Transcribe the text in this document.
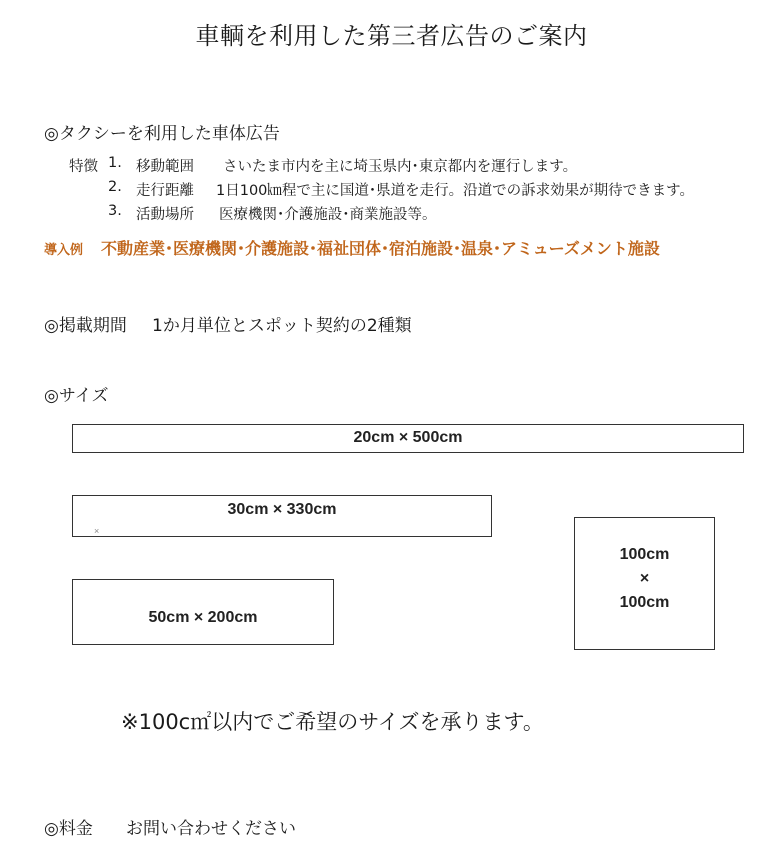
車輌を利用した第三者広告のご案内
◎タクシーを利用した車体広告
特徴 1. 移動範囲 さいたま市内を主に埼玉県内･東京都内を運行します。
2. 走行距離 1日100㎞程で主に国道･県道を走行。沿道での訴求効果が期待できます。
3. 活動場所 医療機関･介護施設･商業施設等。
導入例 不動産業･医療機関･介護施設･福祉団体･宿泊施設･温泉･アミューズメント施設
◎掲載期間 1か月単位とスポット契約の2種類
◎サイズ
20cm × 500cm
30cm × 330cm
×
50cm × 200cm
100cm
×
100cm
※100c㎡以内でご希望のサイズを承ります。
◎料金 お問い合わせください
